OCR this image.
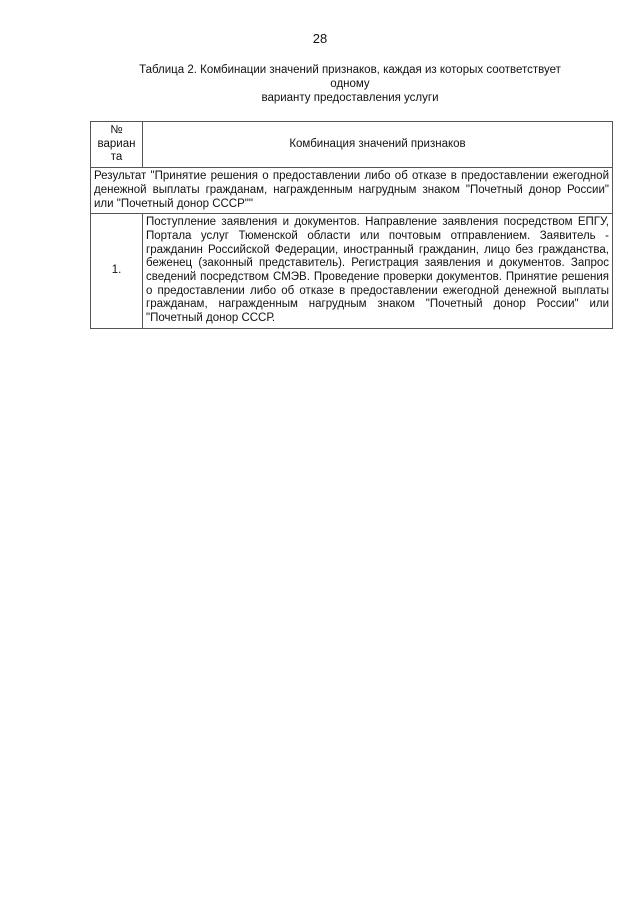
28
Таблица 2. Комбинации значений признаков, каждая из которых соответствует
одному
варианту предоставления услуги
№
вариан
та	Комбинация значений признаков
Результат "Принятие решения о предоставлении либо об отказе в предоставлении ежегодной денежной выплаты гражданам, награжденным нагрудным знаком "Почетный донор России" или "Почетный донор СССР""	
1.	Поступление заявления и документов. Направление заявления посредством ЕПГУ, Портала услуг Тюменской области или почтовым отправлением. Заявитель - гражданин Российской Федерации, иностранный гражданин, лицо без гражданства, беженец (законный представитель). Регистрация заявления и документов. Запрос сведений посредством СМЭВ. Проведение проверки документов. Принятие решения о предоставлении либо об отказе в предоставлении ежегодной денежной выплаты гражданам, награжденным нагрудным знаком "Почетный донор России" или "Почетный донор СССР.
